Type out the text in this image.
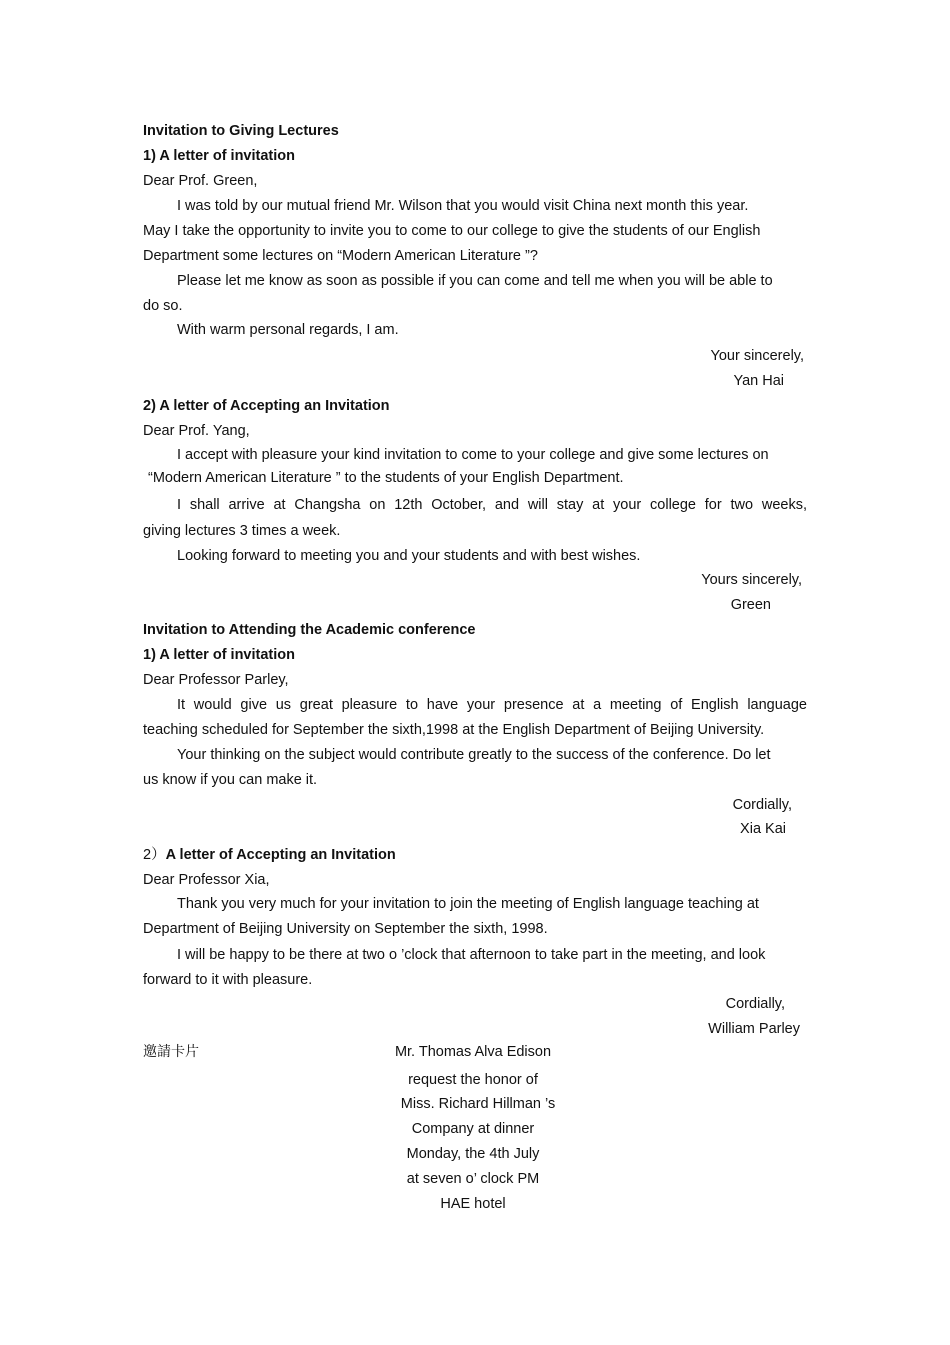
Invitation to Giving Lectures
1) A letter of invitation
Dear Prof. Green,
I was told by our mutual friend Mr. Wilson that you would visit China next month this year.
May I take the opportunity to invite you to come to our college to give the students of our English
Department some lectures on “Modern American Literature ”?
Please let me know as soon as possible if you can come and tell me when you will be able to
do so.
With warm personal regards, I am.
Your sincerely,
Yan Hai
2) A letter of Accepting an Invitation
Dear Prof. Yang,
I accept with pleasure your kind invitation to come to your college and give some lectures on
“Modern American Literature ” to the students of your English Department.
I shall arrive at Changsha on 12th October, and will stay at your college for two weeks,
giving lectures 3 times a week.
Looking forward to meeting you and your students and with best wishes.
Yours sincerely,
Green
Invitation to Attending the Academic conference
1) A letter of invitation
Dear Professor Parley,
It would give us great pleasure to have your presence at a meeting of English language
teaching scheduled for September the sixth,1998 at the English Department of Beijing University.
Your thinking on the subject would contribute greatly to the success of the conference. Do let
us know if you can make it.
Cordially,
Xia Kai
2）A letter of Accepting an Invitation
Dear Professor Xia,
Thank you very much for your invitation to join the meeting of English language teaching at
Department of Beijing University on September the sixth, 1998.
I will be happy to be there at two o ’clock that afternoon to take part in the meeting, and look
forward to it with pleasure.
Cordially,
William Parley
邀請卡片	Mr. Thomas Alva Edison
request the honor of
Miss. Richard Hillman ’s
Company at dinner
Monday, the 4th July
at seven o’ clock PM
HAE hotel
